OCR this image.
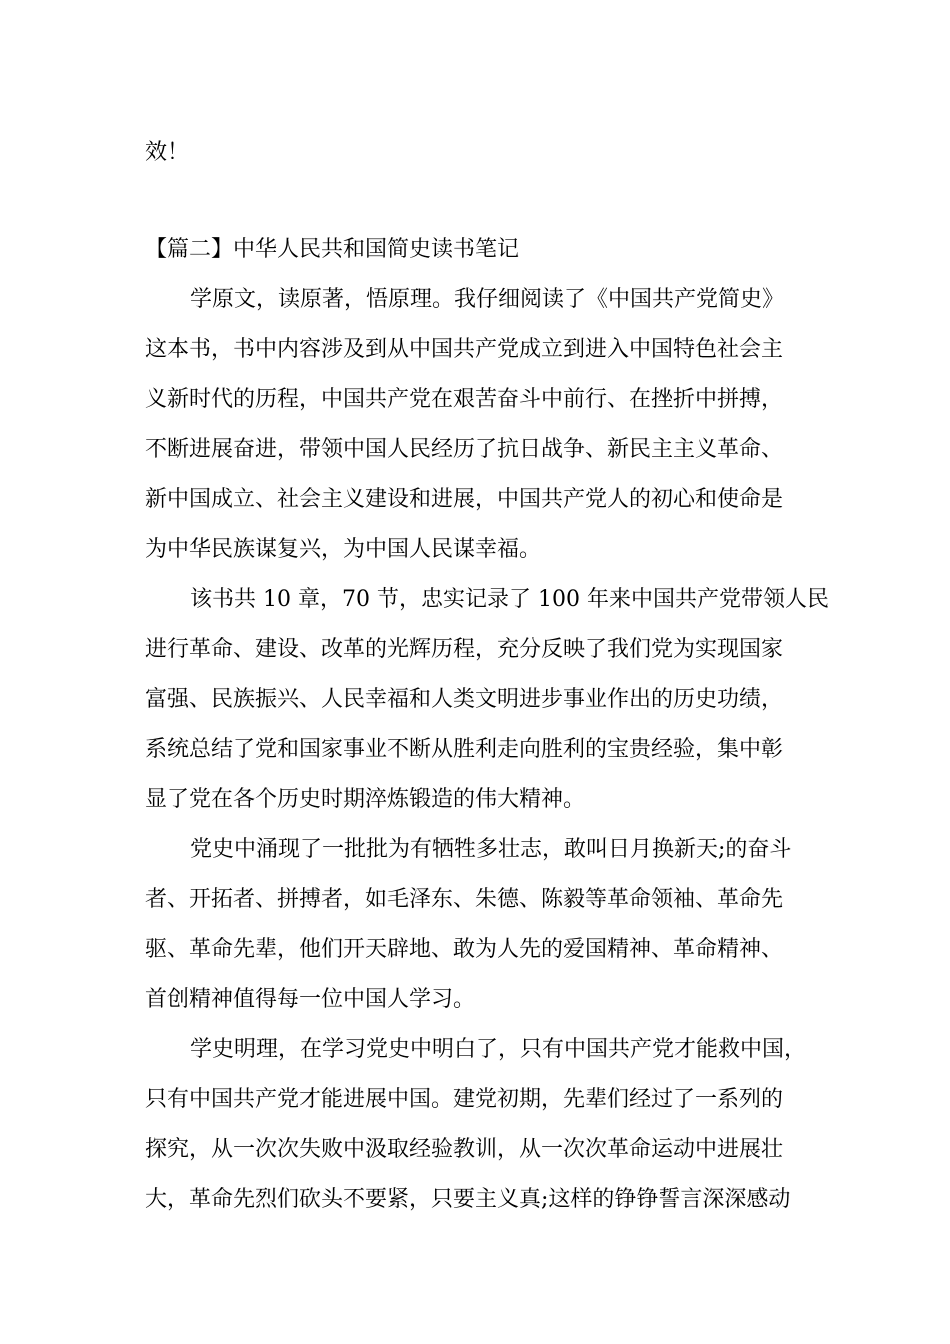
效！
【篇二】中华人民共和国简史读书笔记
学原文，读原著，悟原理。我仔细阅读了《中国共产党简史》
这本书，书中内容涉及到从中国共产党成立到进入中国特色社会主
义新时代的历程，中国共产党在艰苦奋斗中前行、在挫折中拼搏，
不断进展奋进，带领中国人民经历了抗日战争、新民主主义革命、
新中国成立、社会主义建设和进展，中国共产党人的初心和使命是
为中华民族谋复兴，为中国人民谋幸福。
该书共 10 章，70 节，忠实记录了 100 年来中国共产党带领人民
进行革命、建设、改革的光辉历程，充分反映了我们党为实现国家
富强、民族振兴、人民幸福和人类文明进步事业作出的历史功绩，
系统总结了党和国家事业不断从胜利走向胜利的宝贵经验，集中彰
显了党在各个历史时期淬炼锻造的伟大精神。
党史中涌现了一批批为有牺牲多壮志，敢叫日月换新天;的奋斗
者、开拓者、拼搏者，如毛泽东、朱德、陈毅等革命领袖、革命先
驱、革命先辈，他们开天辟地、敢为人先的爱国精神、革命精神、
首创精神值得每一位中国人学习。
学史明理，在学习党史中明白了，只有中国共产党才能救中国，
只有中国共产党才能进展中国。建党初期，先辈们经过了一系列的
探究，从一次次失败中汲取经验教训，从一次次革命运动中进展壮
大，革命先烈们砍头不要紧，只要主义真;这样的铮铮誓言深深感动
